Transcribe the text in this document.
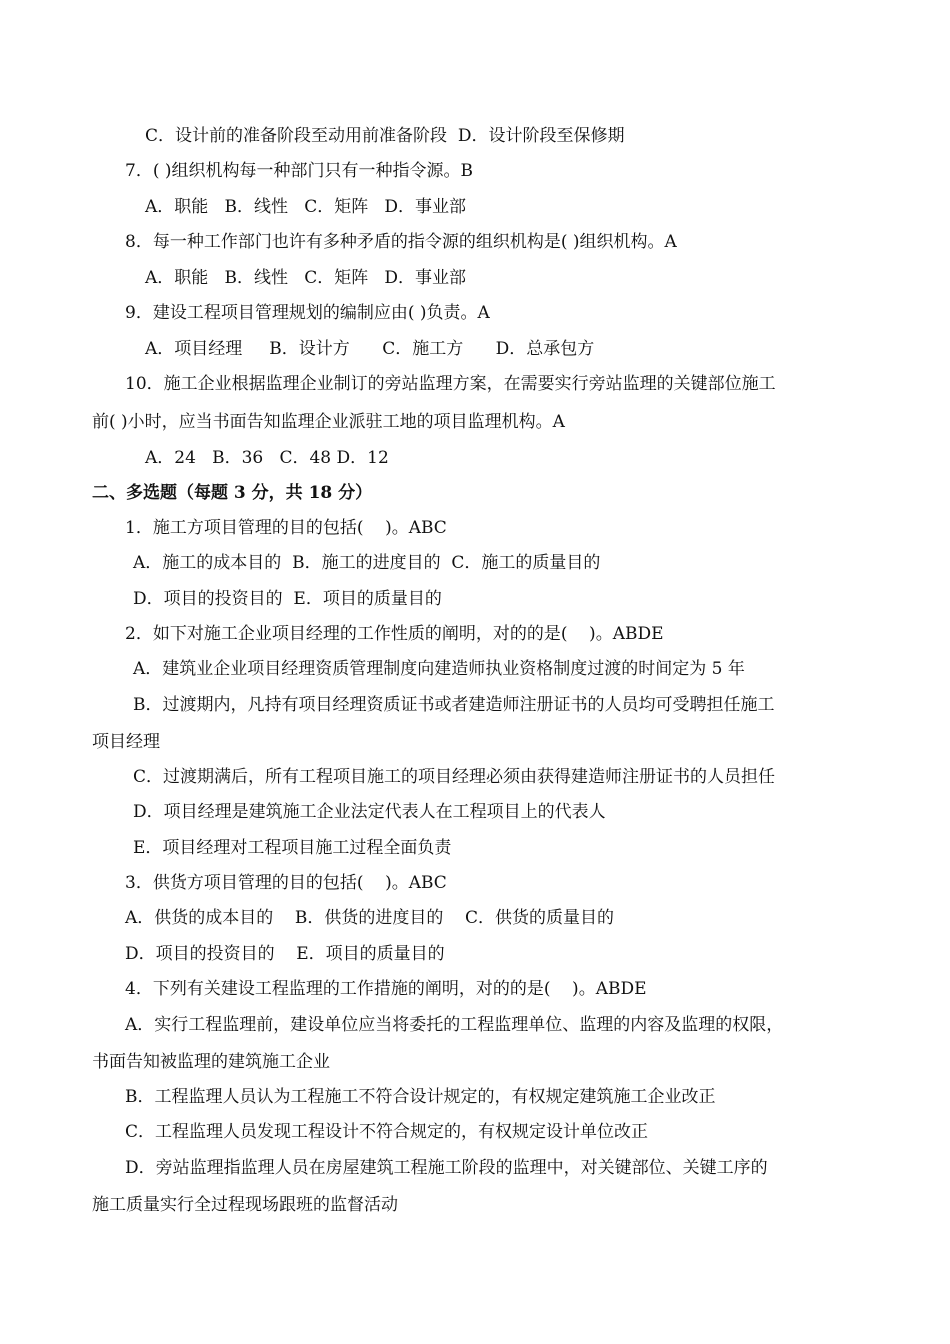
C．设计前的准备阶段至动用前准备阶段  D．设计阶段至保修期
7．( )组织机构每一种部门只有一种指令源。B
A．职能   B．线性   C．矩阵   D．事业部
8．每一种工作部门也许有多种矛盾的指令源的组织机构是( )组织机构。A
A．职能   B．线性   C．矩阵   D．事业部
9．建设工程项目管理规划的编制应由( )负责。A
A．项目经理     B．设计方      C．施工方      D．总承包方
10．施工企业根据监理企业制订的旁站监理方案，在需要实行旁站监理的关键部位施工
前( )小时，应当书面告知监理企业派驻工地的项目监理机构。A
A．24   B．36   C．48 D．12
二、多选题（每题 3 分，共 18 分）
1．施工方项目管理的目的包括(    )。ABC
A．施工的成本目的  B．施工的进度目的  C．施工的质量目的
D．项目的投资目的  E．项目的质量目的
2．如下对施工企业项目经理的工作性质的阐明，对的的是(    )。ABDE
A．建筑业企业项目经理资质管理制度向建造师执业资格制度过渡的时间定为 5 年
B．过渡期内，凡持有项目经理资质证书或者建造师注册证书的人员均可受聘担任施工
项目经理
C．过渡期满后，所有工程项目施工的项目经理必须由获得建造师注册证书的人员担任
D．项目经理是建筑施工企业法定代表人在工程项目上的代表人
E．项目经理对工程项目施工过程全面负责
3．供货方项目管理的目的包括(    )。ABC
A．供货的成本目的    B．供货的进度目的    C．供货的质量目的
D．项目的投资目的    E．项目的质量目的
4．下列有关建设工程监理的工作措施的阐明，对的的是(    )。ABDE
A．实行工程监理前，建设单位应当将委托的工程监理单位、监理的内容及监理的权限，
书面告知被监理的建筑施工企业
B．工程监理人员认为工程施工不符合设计规定的，有权规定建筑施工企业改正
C．工程监理人员发现工程设计不符合规定的，有权规定设计单位改正
D．旁站监理指监理人员在房屋建筑工程施工阶段的监理中，对关键部位、关键工序的
施工质量实行全过程现场跟班的监督活动
